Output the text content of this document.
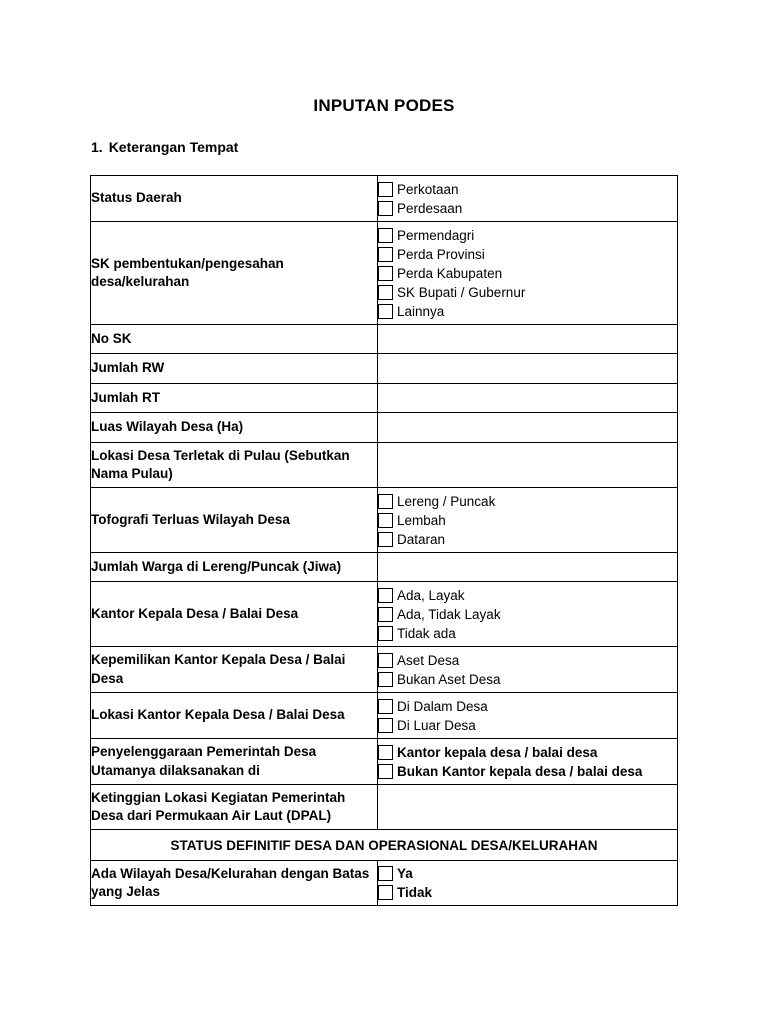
INPUTAN PODES
1. Keterangan Tempat
Status Daerah	Perkotaan
Perdesaan

SK pembentukan/pengesahan desa/kelurahan	Permendagri
Perda Provinsi
Perda Kabupaten
SK Bupati / Gubernur
Lainnya

No SK	
Jumlah RW	
Jumlah RT	
Luas Wilayah Desa (Ha)	
Lokasi Desa Terletak di Pulau (Sebutkan Nama Pulau)	
Tofografi Terluas Wilayah Desa	Lereng / Puncak
Lembah
Dataran

Jumlah Warga di Lereng/Puncak (Jiwa)	
Kantor Kepala Desa / Balai Desa	Ada, Layak
Ada, Tidak Layak
Tidak ada

Kepemilikan Kantor Kepala Desa / Balai Desa	Aset Desa
Bukan Aset Desa

Lokasi Kantor Kepala Desa / Balai Desa	Di Dalam Desa
Di Luar Desa

Penyelenggaraan Pemerintah Desa Utamanya dilaksanakan di	Kantor kepala desa / balai desa
Bukan Kantor kepala desa / balai desa

Ketinggian Lokasi Kegiatan Pemerintah Desa dari Permukaan Air Laut (DPAL)	
STATUS DEFINITIF DESA DAN OPERASIONAL DESA/KELURAHAN	
Ada Wilayah Desa/Kelurahan dengan Batas yang Jelas	Ya
Tidak
